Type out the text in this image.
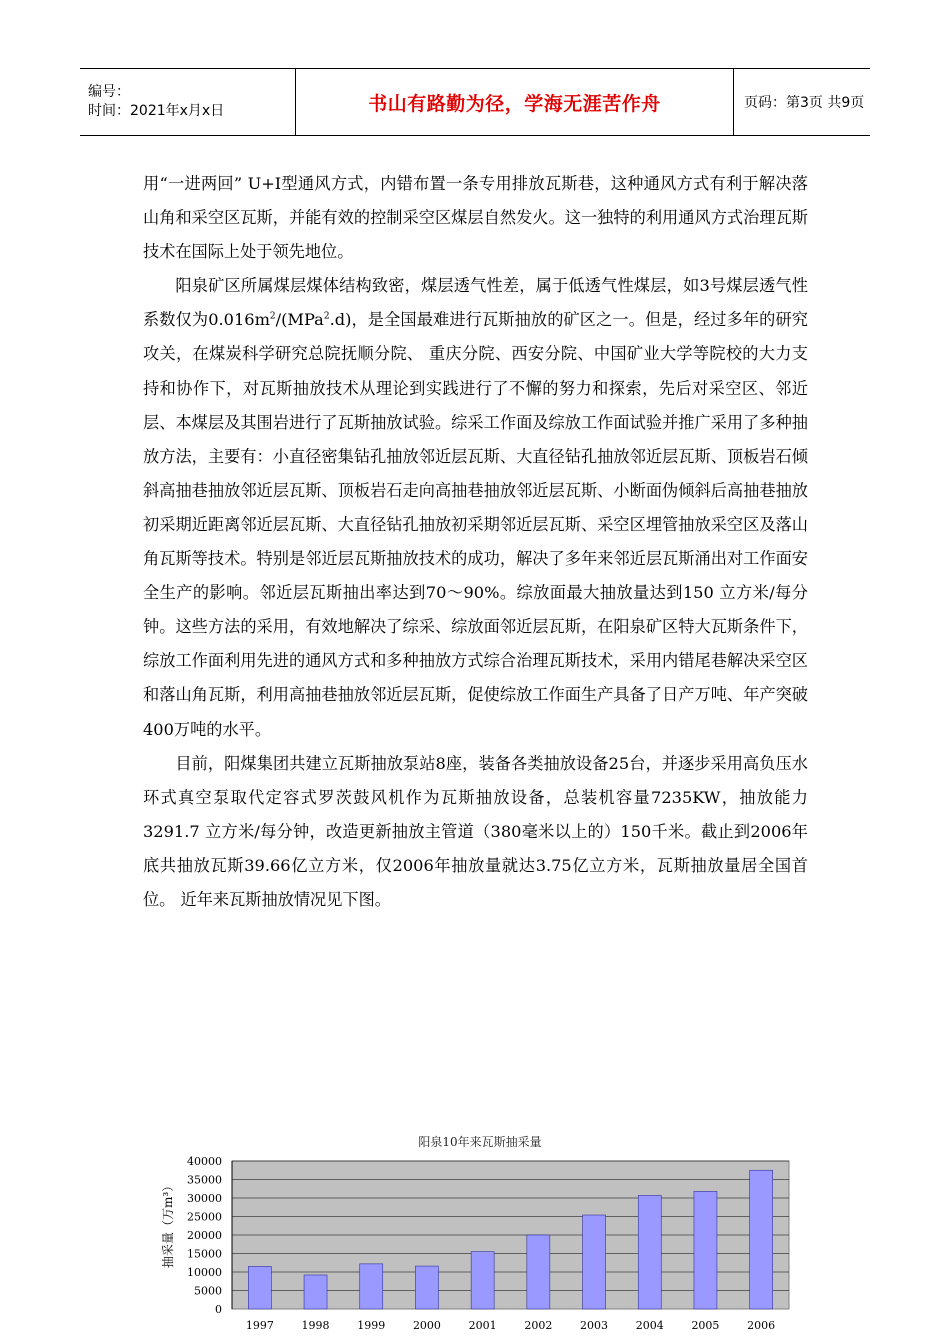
编号：
时间：2021年x月x日	书山有路勤为径，学海无涯苦作舟	页码：第3页 共9页

用“一进两回” U+I型通风方式，内错布置一条专用排放瓦斯巷，这种通风方式有利于解决落山角和采空区瓦斯，并能有效的控制采空区煤层自然发火。这一独特的利用通风方式治理瓦斯技术在国际上处于领先地位。

阳泉矿区所属煤层煤体结构致密，煤层透气性差，属于低透气性煤层，如3号煤层透气性系数仅为$0.016m^2/(MPa^2.d)$，是全国最难进行瓦斯抽放的矿区之一。但是，经过多年的研究攻关，在煤炭科学研究总院抚顺分院、 重庆分院、西安分院、中国矿业大学等院校的大力支持和协作下，对瓦斯抽放技术从理论到实践进行了不懈的努力和探索，先后对采空区、邻近层、本煤层及其围岩进行了瓦斯抽放试验。综采工作面及综放工作面试验并推广采用了多种抽放方法，主要有：小直径密集钻孔抽放邻近层瓦斯、大直径钻孔抽放邻近层瓦斯、顶板岩石倾斜高抽巷抽放邻近层瓦斯、顶板岩石走向高抽巷抽放邻近层瓦斯、小断面伪倾斜后高抽巷抽放初采期近距离邻近层瓦斯、大直径钻孔抽放初采期邻近层瓦斯、采空区埋管抽放采空区及落山角瓦斯等技术。特别是邻近层瓦斯抽放技术的成功，解决了多年来邻近层瓦斯涌出对工作面安全生产的影响。邻近层瓦斯抽出率达到70～90%。综放面最大抽放量达到150 立方米/每分钟。这些方法的采用，有效地解决了综采、综放面邻近层瓦斯，在阳泉矿区特大瓦斯条件下，综放工作面利用先进的通风方式和多种抽放方式综合治理瓦斯技术，采用内错尾巷解决采空区和落山角瓦斯，利用高抽巷抽放邻近层瓦斯，促使综放工作面生产具备了日产万吨、年产突破400万吨的水平。

目前，阳煤集团共建立瓦斯抽放泵站8座，装备各类抽放设备25台，并逐步采用高负压水环式真空泵取代定容式罗茨鼓风机作为瓦斯抽放设备，总装机容量7235KW，抽放能力3291.7 立方米/每分钟，改造更新抽放主管道（380毫米以上的）150千米。截止到2006年底共抽放瓦斯39.66亿立方米，仅2006年抽放量就达3.75亿立方米，瓦斯抽放量居全国首位。 近年来瓦斯抽放情况见下图。

0
5000
10000
15000
20000
25000
30000
35000
40000
1997	1998	1999	2000	2001	2002	2003	2004	2005	2006
阳泉10年来瓦斯抽采量
抽采量（万m³）
